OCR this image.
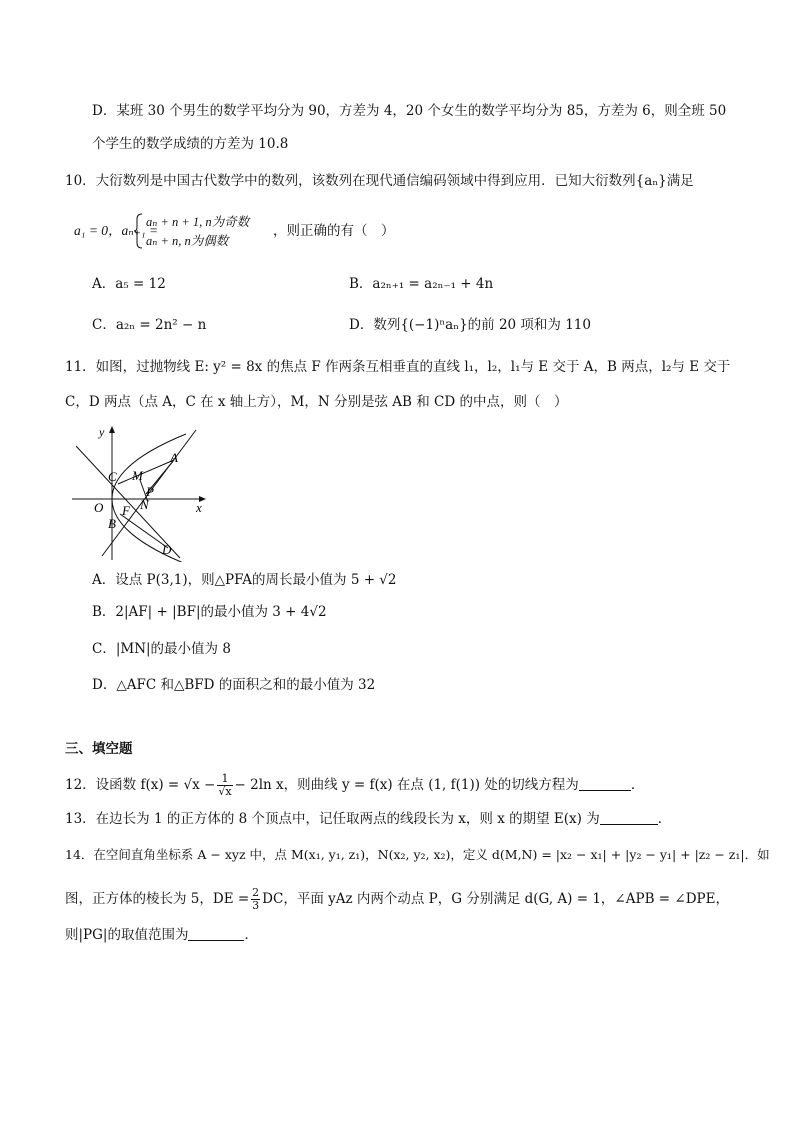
D．某班 30 个男生的数学平均分为 90，方差为 4，20 个女生的数学平均分为 85，方差为 6，则全班 50
个学生的数学成绩的方差为 10.8
10．大衍数列是中国古代数学中的数列，该数列在现代通信编码领域中得到应用．已知大衍数列{aₙ}满足
a₁ = 0，aₙ₊₁ =
aₙ + n + 1, n为奇数
aₙ + n, n为偶数
，则正确的有（　）
A．a₅ = 12	B．a₂ₙ₊₁ = a₂ₙ₋₁ + 4n
C．a₂ₙ = 2n² − n	D．数列{(−1)ⁿaₙ}的前 20 项和为 110
11．如图，过抛物线 E: y² = 8x 的焦点 F 作两条互相垂直的直线 l₁，l₂，l₁与 E 交于 A，B 两点，l₂与 E 交于
C，D 两点（点 A，C 在 x 轴上方），M，N 分别是弦 AB 和 CD 的中点，则（　）
y
x
O
A
C M
P
N
F
B
D
A．设点 P(3,1)，则△PFA的周长最小值为 5 + √2
B．2|AF| + |BF|的最小值为 3 + 4√2
C．|MN|的最小值为 8
D．△AFC 和△BFD 的面积之和的最小值为 32
三、填空题
12．设函数 $f(x) = √x - \frac{1}{√x} - 2\ln$ x，则曲线 y = f(x) 在点 (1, f(1)) 处的切线方程为	．
13．在边长为 1 的正方体的 8 个顶点中，记任取两点的线段长为 x，则 x 的期望 E(x) 为	．
14．在空间直角坐标系 A − xyz 中，点 M(x₁, y₁, z₁)，N(x₂, y₂, x₂)，定义 d(M,N) = |x₂ − x₁| + |y₂ − y₁| + |z₂ − z₁|．如
图，正方体的棱长为 5，DE = $\frac{2}{3}$ DC，平面 yAz 内两个动点 P，G 分别满足 d(G, A) = 1，∠APB = ∠DPE，
则|PG|的取值范围为	．
